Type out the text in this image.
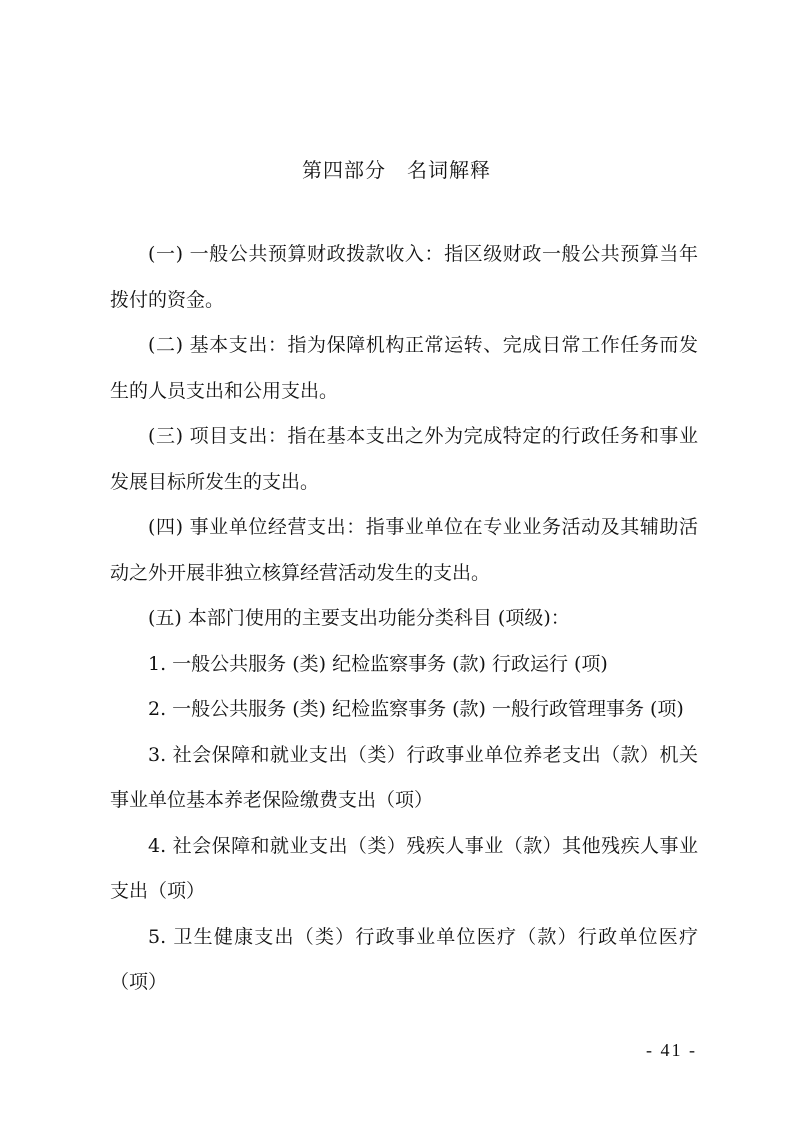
第四部分　名词解释

(一) 一般公共预算财政拨款收入：指区级财政一般公共预算当年拨付的资金。

(二) 基本支出：指为保障机构正常运转、完成日常工作任务而发生的人员支出和公用支出。

(三) 项目支出：指在基本支出之外为完成特定的行政任务和事业发展目标所发生的支出。

(四) 事业单位经营支出：指事业单位在专业业务活动及其辅助活动之外开展非独立核算经营活动发生的支出。

(五) 本部门使用的主要支出功能分类科目 (项级)：

1. 一般公共服务 (类) 纪检监察事务 (款) 行政运行 (项)

2. 一般公共服务 (类) 纪检监察事务 (款) 一般行政管理事务 (项)

3. 社会保障和就业支出（类）行政事业单位养老支出（款）机关事业单位基本养老保险缴费支出（项）

4. 社会保障和就业支出（类）残疾人事业（款）其他残疾人事业支出（项）

5. 卫生健康支出（类）行政事业单位医疗（款）行政单位医疗（项）

- 41 -
